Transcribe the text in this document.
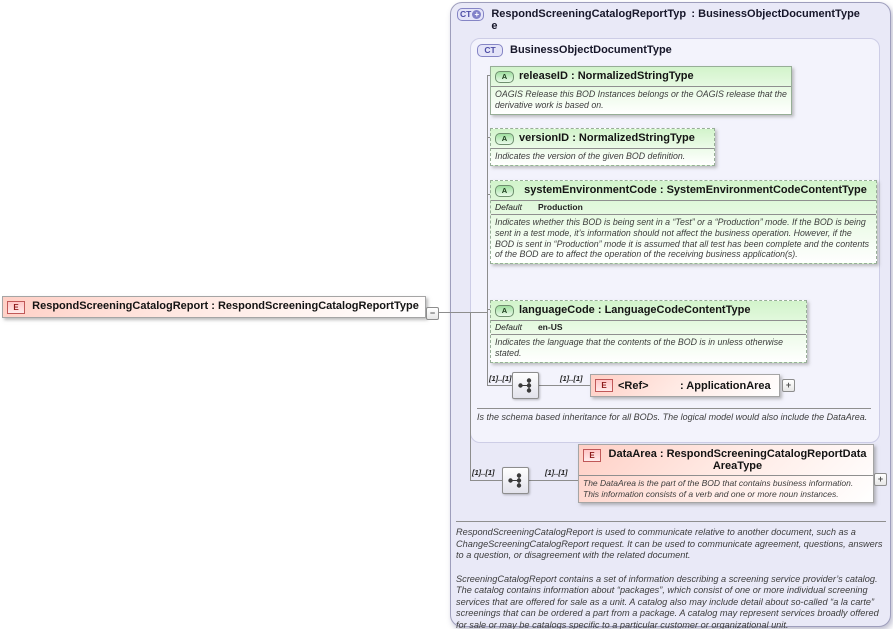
CT + RespondScreeningCatalogReportType
: BusinessObjectDocumentType
CT	BusinessObjectDocumentType
E	RespondScreeningCatalogReport : RespondScreeningCatalogReportType
−
A	releaseID : NormalizedStringType
OAGIS Release this BOD Instances belongs or the OAGIS release that the derivative work is based on.
A	versionID : NormalizedStringType
Indicates the version of the given BOD definition.
A	systemEnvironmentCode : SystemEnvironmentCodeContentType
Default Production
Indicates whether this BOD is being sent in a “Test” or a “Production” mode. If the BOD is being sent in a test mode, it’s information should not affect the business operation. However, if the BOD is sent in “Production” mode it is assumed that all test has been complete and the contents of the BOD are to affect the operation of the receiving business application(s).
A	languageCode : LanguageCodeContentType
Default en-US
Indicates the language that the contents of the BOD is in unless otherwise stated.
[1]..[1]	[1]..[1]
E	<Ref>	: ApplicationArea	+
Is the schema based inheritance for all BODs. The logical model would also include the DataArea.
[1]..[1]	[1]..[1]
E	DataArea : RespondScreeningCatalogReportDataAreaType
The DataArea is the part of the BOD that contains business information. This information consists of a verb and one or more noun instances.
+

RespondScreeningCatalogReport is used to communicate relative to another document, such as a ChangeScreeningCatalogReport request. It can be used to communicate agreement, questions, answers to a question, or disagreement with the related document.

ScreeningCatalogReport contains a set of information describing a screening service provider’s catalog. The catalog contains information about “packages”, which consist of one or more individual screening services that are offered for sale as a unit. A catalog also may include detail about so-called “a la carte” screenings that can be ordered a part from a package. A catalog may represent services broadly offered for sale or may be catalogs specific to a particular customer or organizational unit.
